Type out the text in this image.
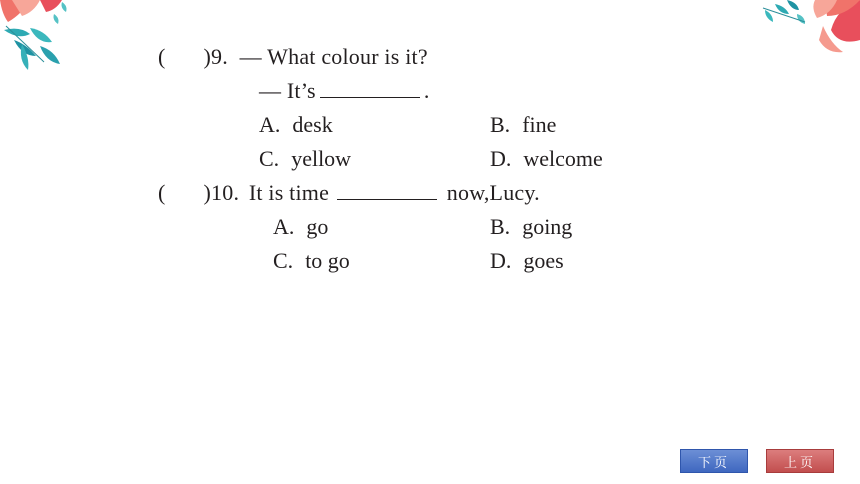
( )9. — What colour is it?
— It’s	.
A. desk	B. fine
C. yellow	D. welcome
( )10. It is time	now,Lucy.
A. go	B. going
C. to go	D. goes
下页	上页
